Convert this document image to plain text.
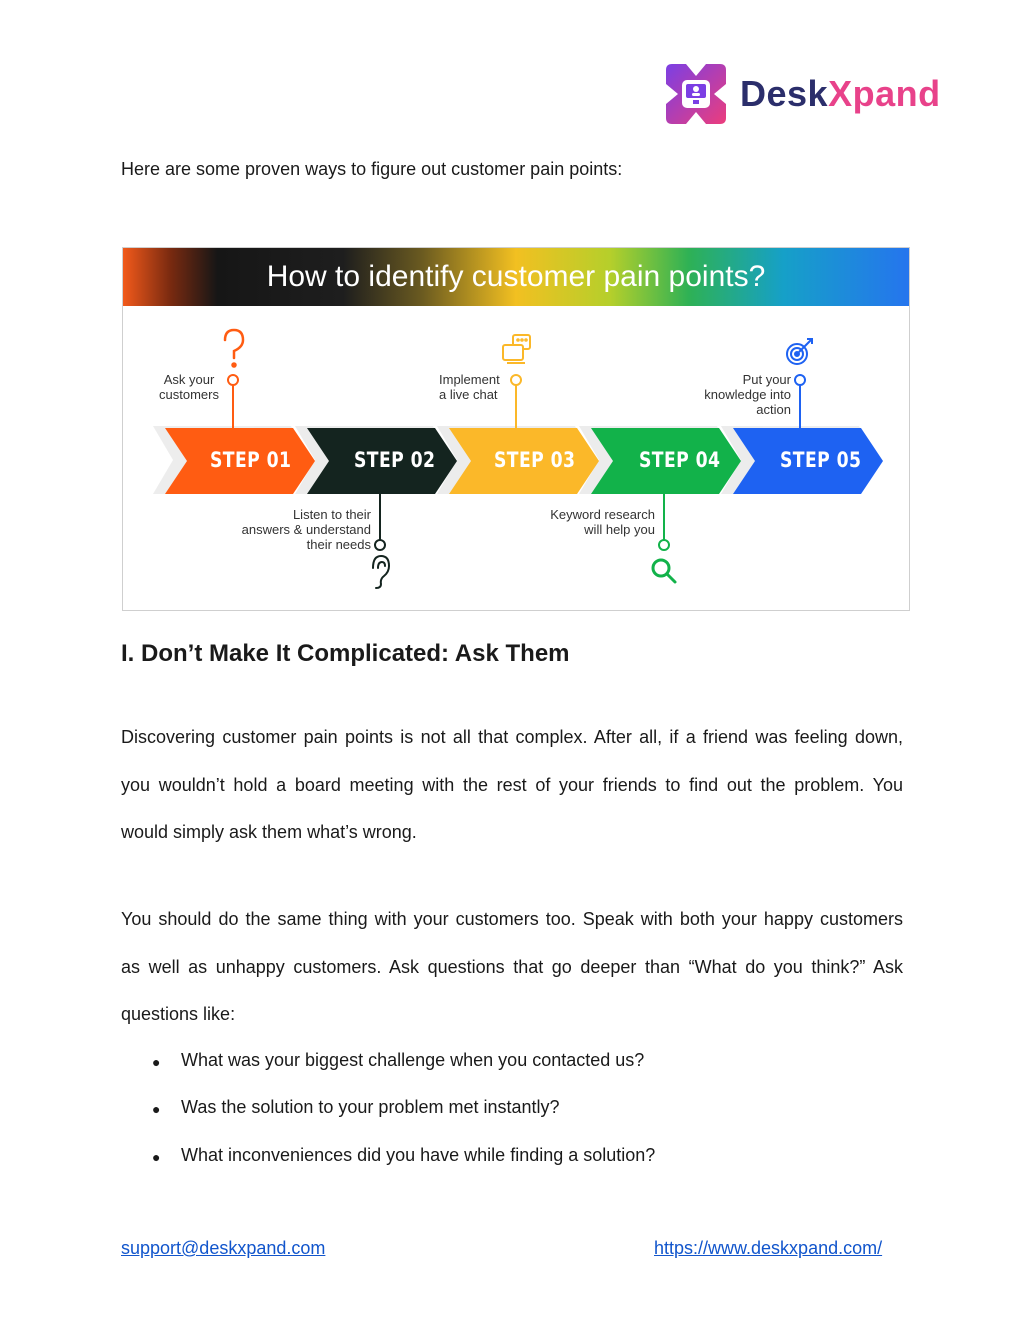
DeskXpand
Here are some proven ways to figure out customer pain points:
How to identify customer pain points?
STEP 01	STEP 02	STEP 03	STEP 04	STEP 05
Ask your
customers
Listen to their
answers & understand
their needs
Implement
a live chat
Keyword research
will help you
Put your
knowledge into
action
I. Don’t Make It Complicated: Ask Them
Discovering customer pain points is not all that complex. After all, if a friend was feeling down,
you wouldn’t hold a board meeting with the rest of your friends to find out the problem. You
would simply ask them what’s wrong.
You should do the same thing with your customers too. Speak with both your happy customers
as well as unhappy customers. Ask questions that go deeper than “What do you think?” Ask
questions like:
●	What was your biggest challenge when you contacted us?
●	Was the solution to your problem met instantly?
●	What inconveniences did you have while finding a solution?
support@deskxpand.com	https://www.deskxpand.com/
